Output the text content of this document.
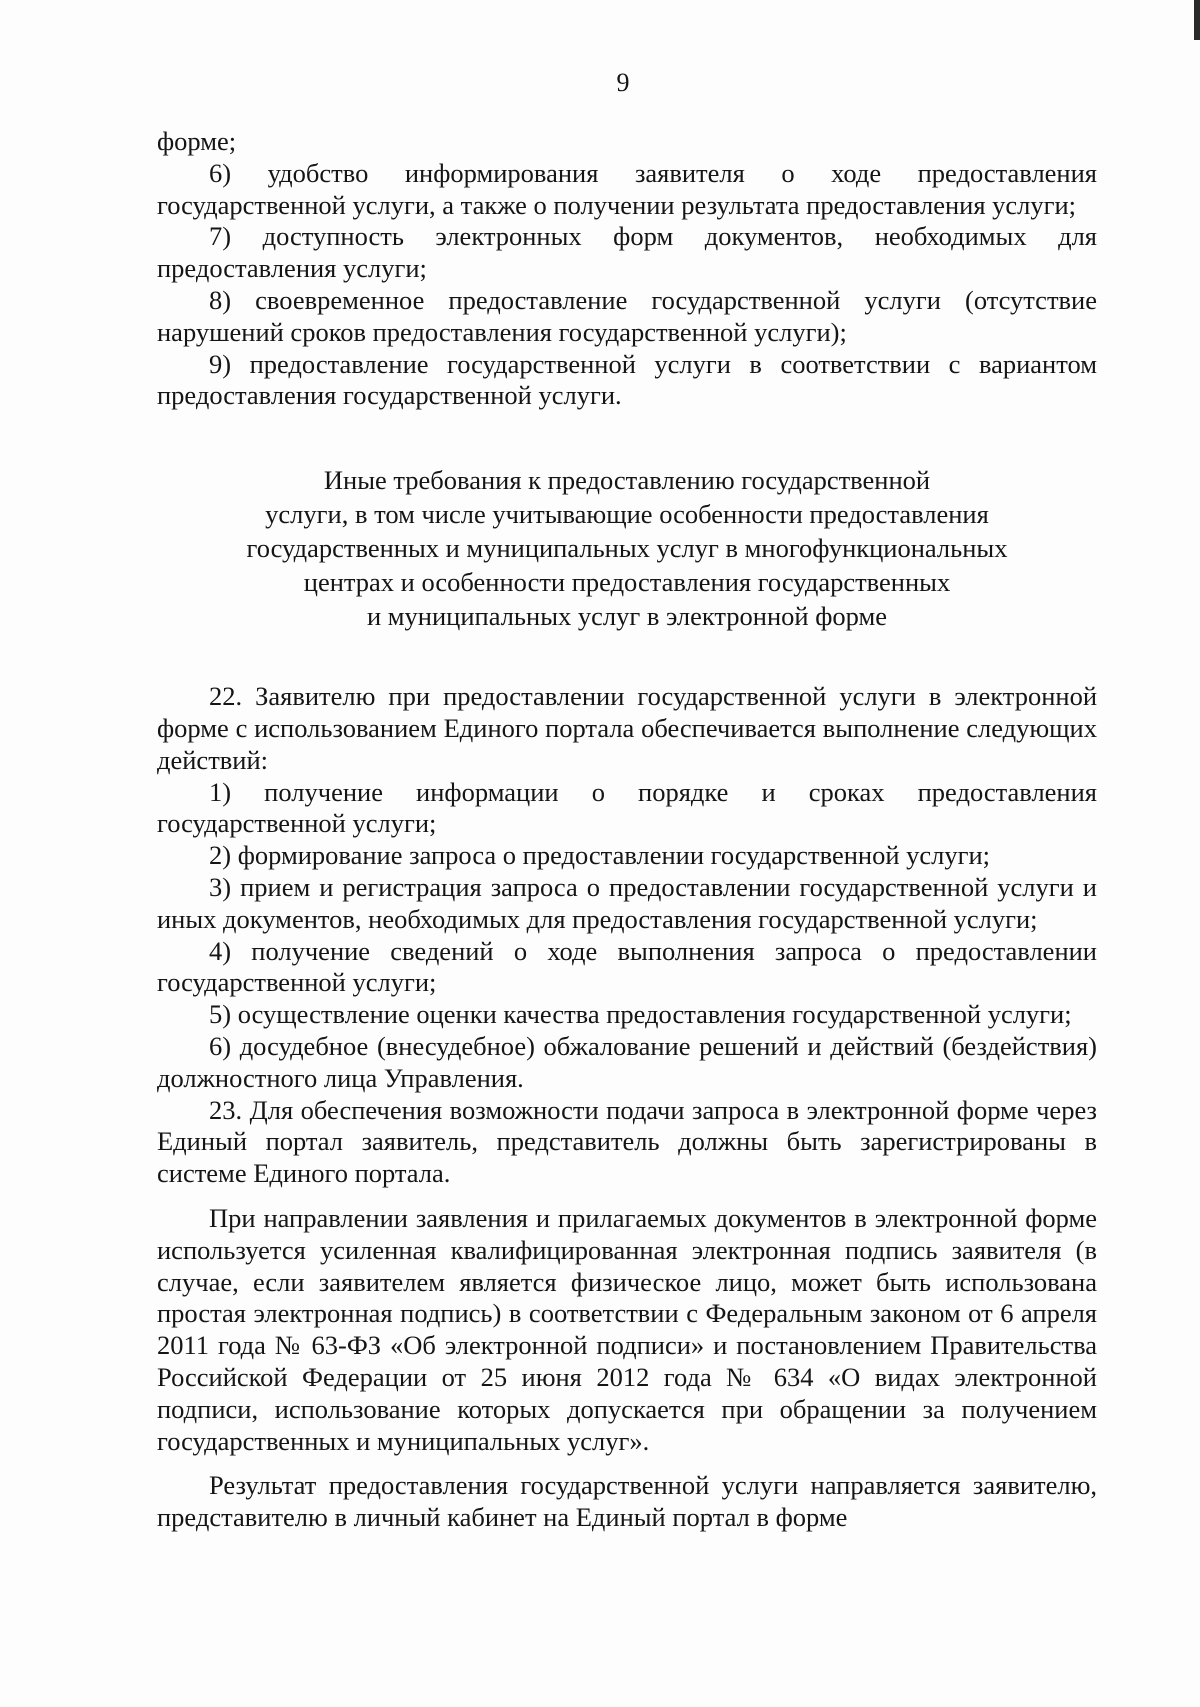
9

форме;

6) удобство информирования заявителя о ходе предоставления государственной услуги, а также о получении результата предоставления услуги;

7) доступность электронных форм документов, необходимых для предоставления услуги;

8) своевременное предоставление государственной услуги (отсутствие нарушений сроков предоставления государственной услуги);

9) предоставление государственной услуги в соответствии с вариантом предоставления государственной услуги.

Иные требования к предоставлению государственной
услуги, в том числе учитывающие особенности предоставления
государственных и муниципальных услуг в многофункциональных
центрах и особенности предоставления государственных
и муниципальных услуг в электронной форме

22. Заявителю при предоставлении государственной услуги в электронной форме с использованием Единого портала обеспечивается выполнение следующих действий:

1) получение информации о порядке и сроках предоставления государственной услуги;

2) формирование запроса о предоставлении государственной услуги;

3) прием и регистрация запроса о предоставлении государственной услуги и иных документов, необходимых для предоставления государственной услуги;

4) получение сведений о ходе выполнения запроса о предоставлении государственной услуги;

5) осуществление оценки качества предоставления государственной услуги;

6) досудебное (внесудебное) обжалование решений и действий (бездействия) должностного лица Управления.

23. Для обеспечения возможности подачи запроса в электронной форме через Единый портал заявитель, представитель должны быть зарегистрированы в системе Единого портала.

При направлении заявления и прилагаемых документов в электронной форме используется усиленная квалифицированная электронная подпись заявителя (в случае, если заявителем является физическое лицо, может быть использована простая электронная подпись) в соответствии с Федеральным законом от 6 апреля 2011 года № 63-ФЗ «Об электронной подписи» и постановлением Правительства Российской Федерации от 25 июня 2012 года № 634 «О видах электронной подписи, использование которых допускается при обращении за получением государственных и муниципальных услуг».

Результат предоставления государственной услуги направляется заявителю, представителю в личный кабинет на Единый портал в форме
